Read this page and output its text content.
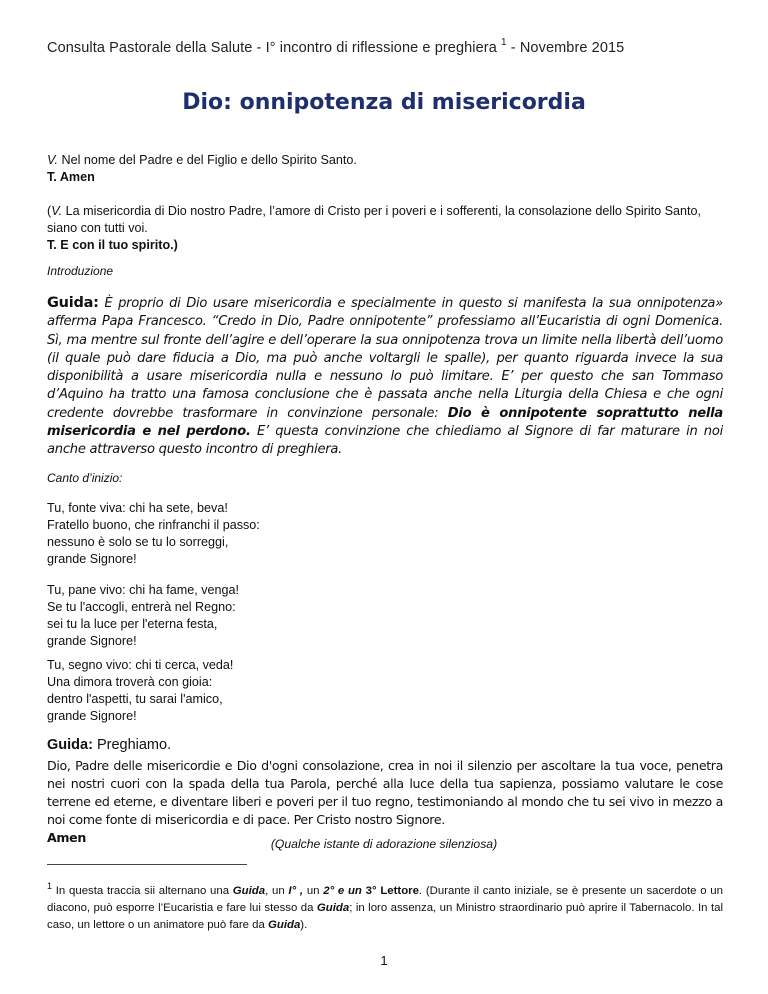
Consulta Pastorale della Salute - I° incontro di riflessione e preghiera $^1$ - Novembre 2015
Dio: onnipotenza di misericordia

V. Nel nome del Padre e del Figlio e dello Spirito Santo.

T. Amen

(V. La misericordia di Dio nostro Padre, l’amore di Cristo per i poveri e i sofferenti, la consolazione dello Spirito Santo, siano con tutti voi.

T. E con il tuo spirito.)

Introduzione
Guida: È proprio di Dio usare misericordia e specialmente in questo si manifesta la sua onnipotenza» afferma Papa Francesco. “Credo in Dio, Padre onnipotente” professiamo all’Eucaristia di ogni Domenica. Sì, ma mentre sul fronte dell’agire e dell’operare la sua onnipotenza trova un limite nella libertà dell’uomo (il quale può dare fiducia a Dio, ma può anche voltargli le spalle), per quanto riguarda invece la sua disponibilità a usare misericordia nulla e nessuno lo può limitare. E’ per questo che san Tommaso d’Aquino ha tratto una famosa conclusione che è passata anche nella Liturgia della Chiesa e che ogni credente dovrebbe trasformare in convinzione personale: Dio è onnipotente soprattutto nella misericordia e nel perdono. E’ questa convinzione che chiediamo al Signore di far maturare in noi anche attraverso questo incontro di preghiera.
Canto d’inizio:

Tu, fonte viva: chi ha sete, beva!

Fratello buono, che rinfranchi il passo:

nessuno è solo se tu lo sorreggi,

grande Signore!

Tu, pane vivo: chi ha fame, venga!

Se tu l'accogli, entrerà nel Regno:

sei tu la luce per l'eterna festa,

grande Signore!

Tu, segno vivo: chi ti cerca, veda!

Una dimora troverà con gioia:

dentro l'aspetti, tu sarai l'amico,

grande Signore!

Guida: Preghiamo.
Dio, Padre delle misericordie e Dio d'ogni consolazione, crea in noi il silenzio per ascoltare la tua voce, penetra nei nostri cuori con la spada della tua Parola, perché alla luce della tua sapienza, possiamo valutare le cose terrene ed eterne, e diventare liberi e poveri per il tuo regno, testimoniando al mondo che tu sei vivo in mezzo a noi come fonte di misericordia e di pace. Per Cristo nostro Signore.
Amen	(Qualche istante di adorazione silenziosa)
$^1$ In questa traccia sii alternano una Guida, un I° , un 2° e un 3° Lettore. (Durante il canto iniziale, se è presente un sacerdote o un diacono, può esporre l’Eucaristia e fare lui stesso da Guida; in loro assenza, un Ministro straordinario può aprire il Tabernacolo. In tal caso, un lettore o un animatore può fare da Guida).
1
